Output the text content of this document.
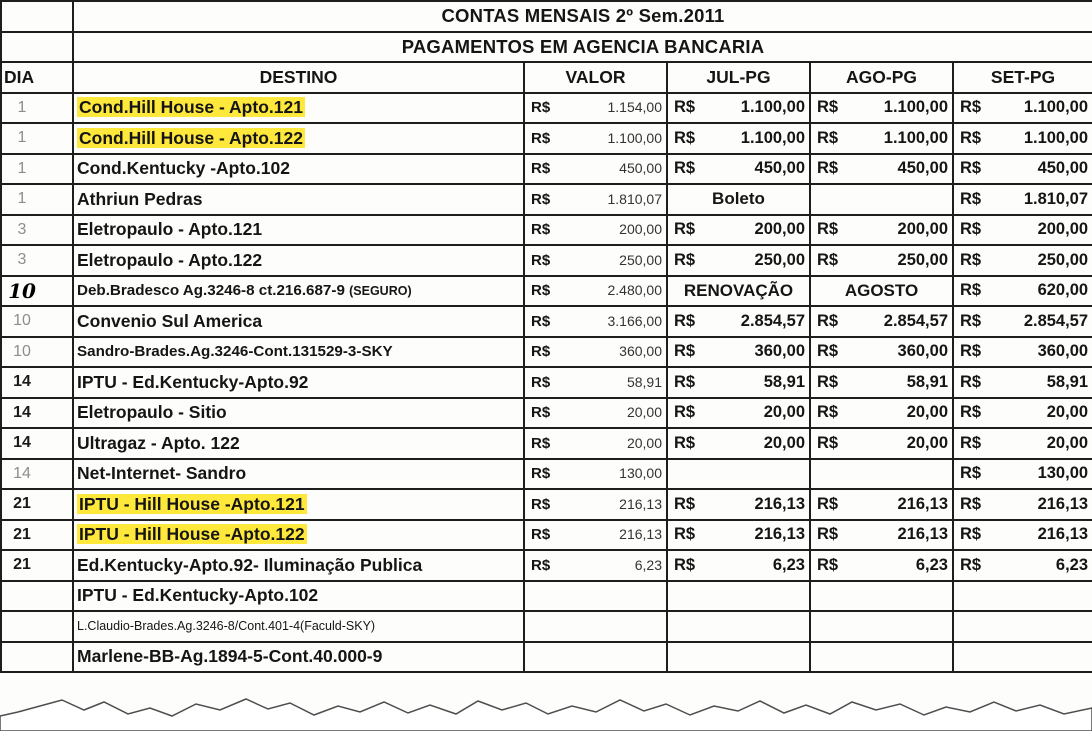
	CONTAS MENSAIS 2º Sem.2011				
	PAGAMENTOS EM AGENCIA BANCARIA				
DIA	DESTINO	VALOR	JUL-PG	AGO-PG	SET-PG
1	Cond.Hill House - Apto.121	R$ 1.154,00	R$ 1.100,00	R$ 1.100,00	R$ 1.100,00

1	Cond.Hill House - Apto.122	R$ 1.100,00	R$ 1.100,00	R$ 1.100,00	R$ 1.100,00

1	Cond.Kentucky -Apto.102	R$ 450,00	R$ 450,00	R$ 450,00	R$ 450,00

1	Athriun Pedras	R$ 1.810,07	Boleto		R$ 1.810,07

3	Eletropaulo - Apto.121	R$ 200,00	R$ 200,00	R$ 200,00	R$ 200,00

3	Eletropaulo - Apto.122	R$ 250,00	R$ 250,00	R$ 250,00	R$ 250,00

10	Deb.Bradesco Ag.3246-8 ct.216.687-9 (SEGURO)	R$ 2.480,00	RENOVAÇÃO	AGOSTO	R$ 620,00

10	Convenio Sul America	R$ 3.166,00	R$ 2.854,57	R$ 2.854,57	R$ 2.854,57

10	Sandro-Brades.Ag.3246-Cont.131529-3-SKY	R$ 360,00	R$ 360,00	R$ 360,00	R$ 360,00

14	IPTU - Ed.Kentucky-Apto.92	R$ 58,91	R$ 58,91	R$ 58,91	R$ 58,91

14	Eletropaulo - Sitio	R$ 20,00	R$ 20,00	R$ 20,00	R$ 20,00

14	Ultragaz - Apto. 122	R$ 20,00	R$ 20,00	R$ 20,00	R$ 20,00

14	Net-Internet- Sandro	R$ 130,00			R$ 130,00

21	IPTU - Hill House -Apto.121	R$ 216,13	R$ 216,13	R$ 216,13	R$ 216,13

21	IPTU - Hill House -Apto.122	R$ 216,13	R$ 216,13	R$ 216,13	R$ 216,13

21	Ed.Kentucky-Apto.92- Iluminação Publica	R$ 6,23	R$ 6,23	R$ 6,23	R$ 6,23

	IPTU - Ed.Kentucky-Apto.102				
	L.Claudio-Brades.Ag.3246-8/Cont.401-4(Faculd-SKY)				
	Marlene-BB-Ag.1894-5-Cont.40.000-9				
